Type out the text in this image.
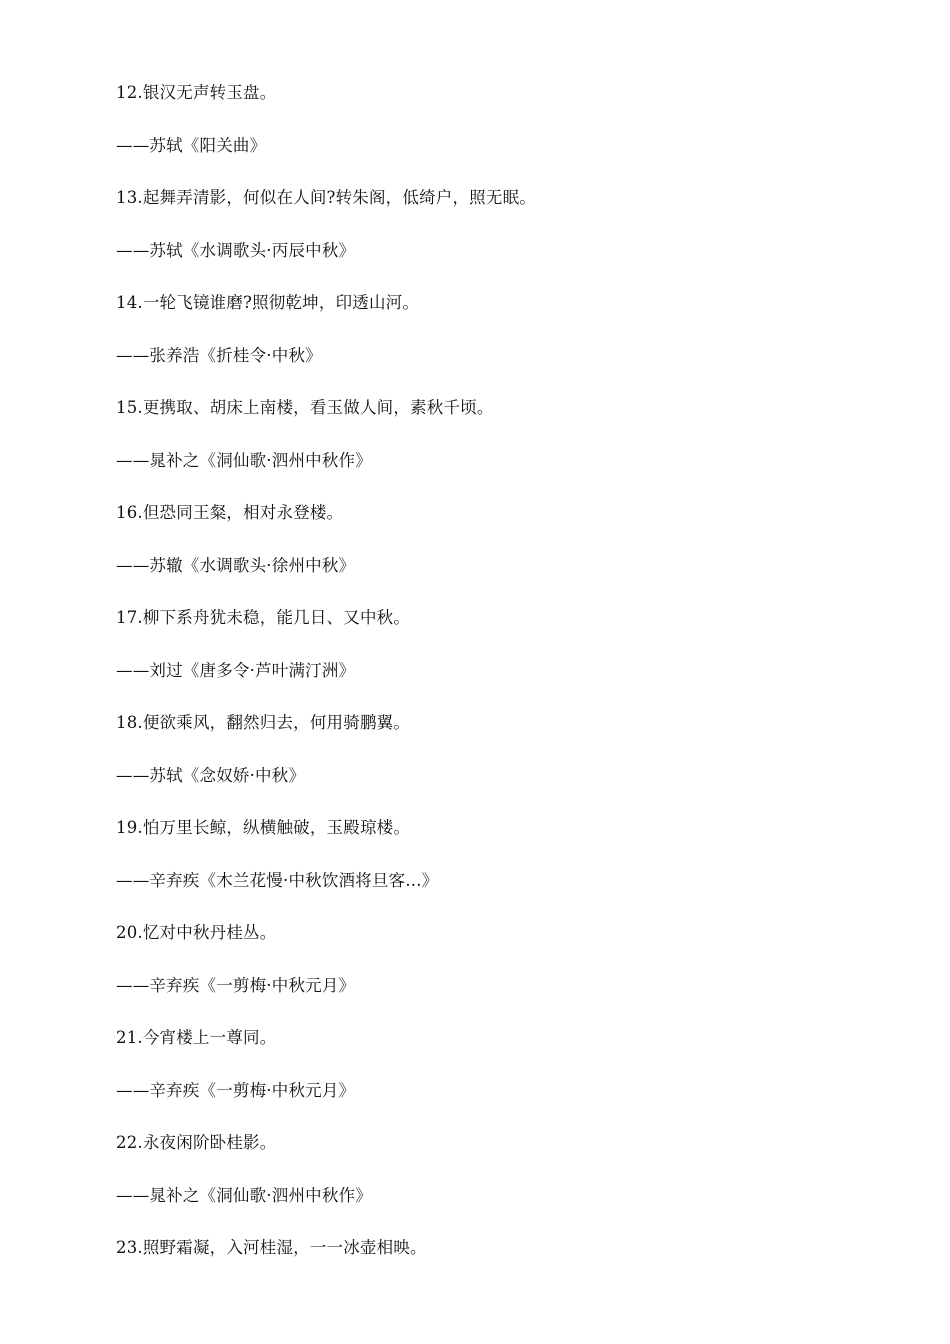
12.银汉无声转玉盘。
——苏轼《阳关曲》
13.起舞弄清影，何似在人间?转朱阁，低绮户，照无眠。
——苏轼《水调歌头·丙辰中秋》
14.一轮飞镜谁磨?照彻乾坤，印透山河。
——张养浩《折桂令·中秋》
15.更携取、胡床上南楼，看玉做人间，素秋千顷。
——晁补之《洞仙歌·泗州中秋作》
16.但恐同王粲，相对永登楼。
——苏辙《水调歌头·徐州中秋》
17.柳下系舟犹未稳，能几日、又中秋。
——刘过《唐多令·芦叶满汀洲》
18.便欲乘风，翻然归去，何用骑鹏翼。
——苏轼《念奴娇·中秋》
19.怕万里长鲸，纵横触破，玉殿琼楼。
——辛弃疾《木兰花慢·中秋饮酒将旦客...》
20.忆对中秋丹桂丛。
——辛弃疾《一剪梅·中秋元月》
21.今宵楼上一尊同。
——辛弃疾《一剪梅·中秋元月》
22.永夜闲阶卧桂影。
——晁补之《洞仙歌·泗州中秋作》
23.照野霜凝，入河桂湿，一一冰壶相映。
